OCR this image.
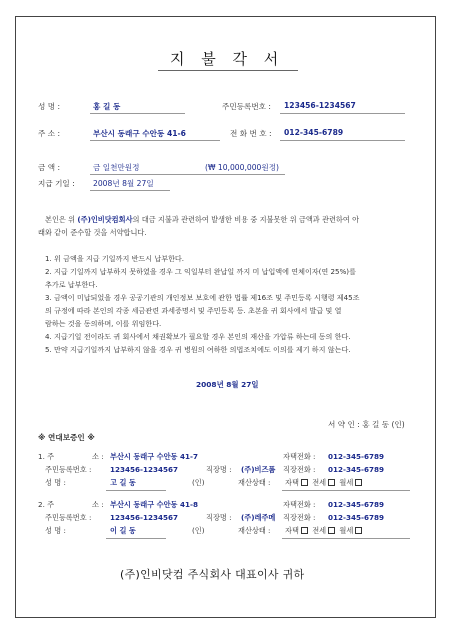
지 불 각 서
성 명 :	홍 길 동	주민등록번호 : 123456-1234567
주 소 :	부산시 동래구 수안동 41-6	전 화 번 호 : 012-345-6789
금 액 :	금 일천만원정	(₩ 10,000,000원정)
지급 기일 : 2008년 8월 27일
본인은 위 (주)인비닷컴회사의 대금 지불과 관련하여 발생한 비용 중 지불못한 위 금액과 관련하여 아
래와 같이 준수할 것을 서약합니다.
1. 위 금액을 지급 기일까지 반드시 납부한다.
2. 지급 기일까지 납부하지 못하였을 경우 그 익일부터 완납일 까지 미 납입액에 연체이자(연 25%)를
추가로 납부한다.
3. 금액이 미납되었을 경우 공공기관의 개인정보 보호에 관한 법률 제16조 및 주민등록 시행령 제45조
의 규정에 따라 본인의 각종 세금관련 과세증명서 및 주민등록 등. 초본을 귀 회사에서 발급 및 열
람하는 것을 동의하며, 이를 위임한다.
4. 지급기일 전이라도 귀 회사에서 채권확보가 필요할 경우 본인의 재산을 가압류 하는데 동의 한다.
5. 만약 지급기일까지 납부하지 않을 경우 귀 병원의 여하한 의법조치에도 이의를 제기 하지 않는다.
2008년 8월 27일
서 약 인 : 홍 길 동 (인)
※ 연대보증인 ※
1. 주	소 : 부산시 동래구 수안동 41-7	자택전화 : 012-345-6789
주민등록번호 :	123456-1234567	직장명 : (주)비즈폼 직장전화 : 012-345-6789
성 명 :	고 길 동	(인)	재산상태 : 자택 전세 월세
2. 주	소 : 부산시 동래구 수안동 41-8	자택전화 : 012-345-6789
주민등록번호 :	123456-1234567	직장명 : (주)레주메 직장전화 : 012-345-6789
성 명 :	이 길 동	(인)	재산상태 : 자택 전세 월세
(주)인비닷컴 주식회사 대표이사 귀하
